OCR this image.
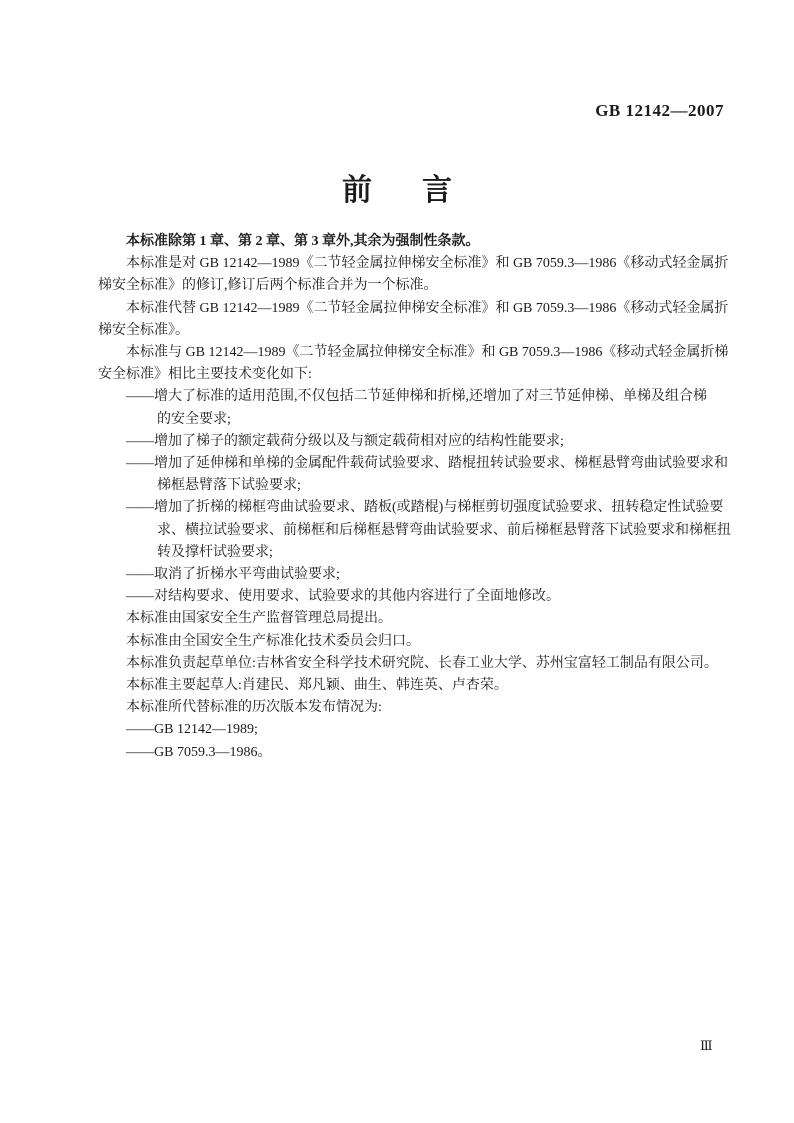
GB 12142—2007
前 言
本标准除第 1 章、第 2 章、第 3 章外,其余为强制性条款。
本标准是对 GB 12142—1989《二节轻金属拉伸梯安全标准》和 GB 7059.3—1986《移动式轻金属折
梯安全标准》的修订,修订后两个标准合并为一个标准。
本标准代替 GB 12142—1989《二节轻金属拉伸梯安全标准》和 GB 7059.3—1986《移动式轻金属折
梯安全标准》。
本标准与 GB 12142—1989《二节轻金属拉伸梯安全标准》和 GB 7059.3—1986《移动式轻金属折梯
安全标准》相比主要技术变化如下:
——增大了标准的适用范围,不仅包括二节延伸梯和折梯,还增加了对三节延伸梯、单梯及组合梯
的安全要求;
——增加了梯子的额定载荷分级以及与额定载荷相对应的结构性能要求;
——增加了延伸梯和单梯的金属配件载荷试验要求、踏棍扭转试验要求、梯框悬臂弯曲试验要求和
梯框悬臂落下试验要求;
——增加了折梯的梯框弯曲试验要求、踏板(或踏棍)与梯框剪切强度试验要求、扭转稳定性试验要
求、横拉试验要求、前梯框和后梯框悬臂弯曲试验要求、前后梯框悬臂落下试验要求和梯框扭
转及撑杆试验要求;
——取消了折梯水平弯曲试验要求;
——对结构要求、使用要求、试验要求的其他内容进行了全面地修改。
本标准由国家安全生产监督管理总局提出。
本标准由全国安全生产标准化技术委员会归口。
本标准负责起草单位:吉林省安全科学技术研究院、长春工业大学、苏州宝富轻工制品有限公司。
本标准主要起草人:肖建民、郑凡颖、曲生、韩连英、卢杏荣。
本标准所代替标准的历次版本发布情况为:
——GB 12142—1989;
——GB 7059.3—1986。
Ⅲ
